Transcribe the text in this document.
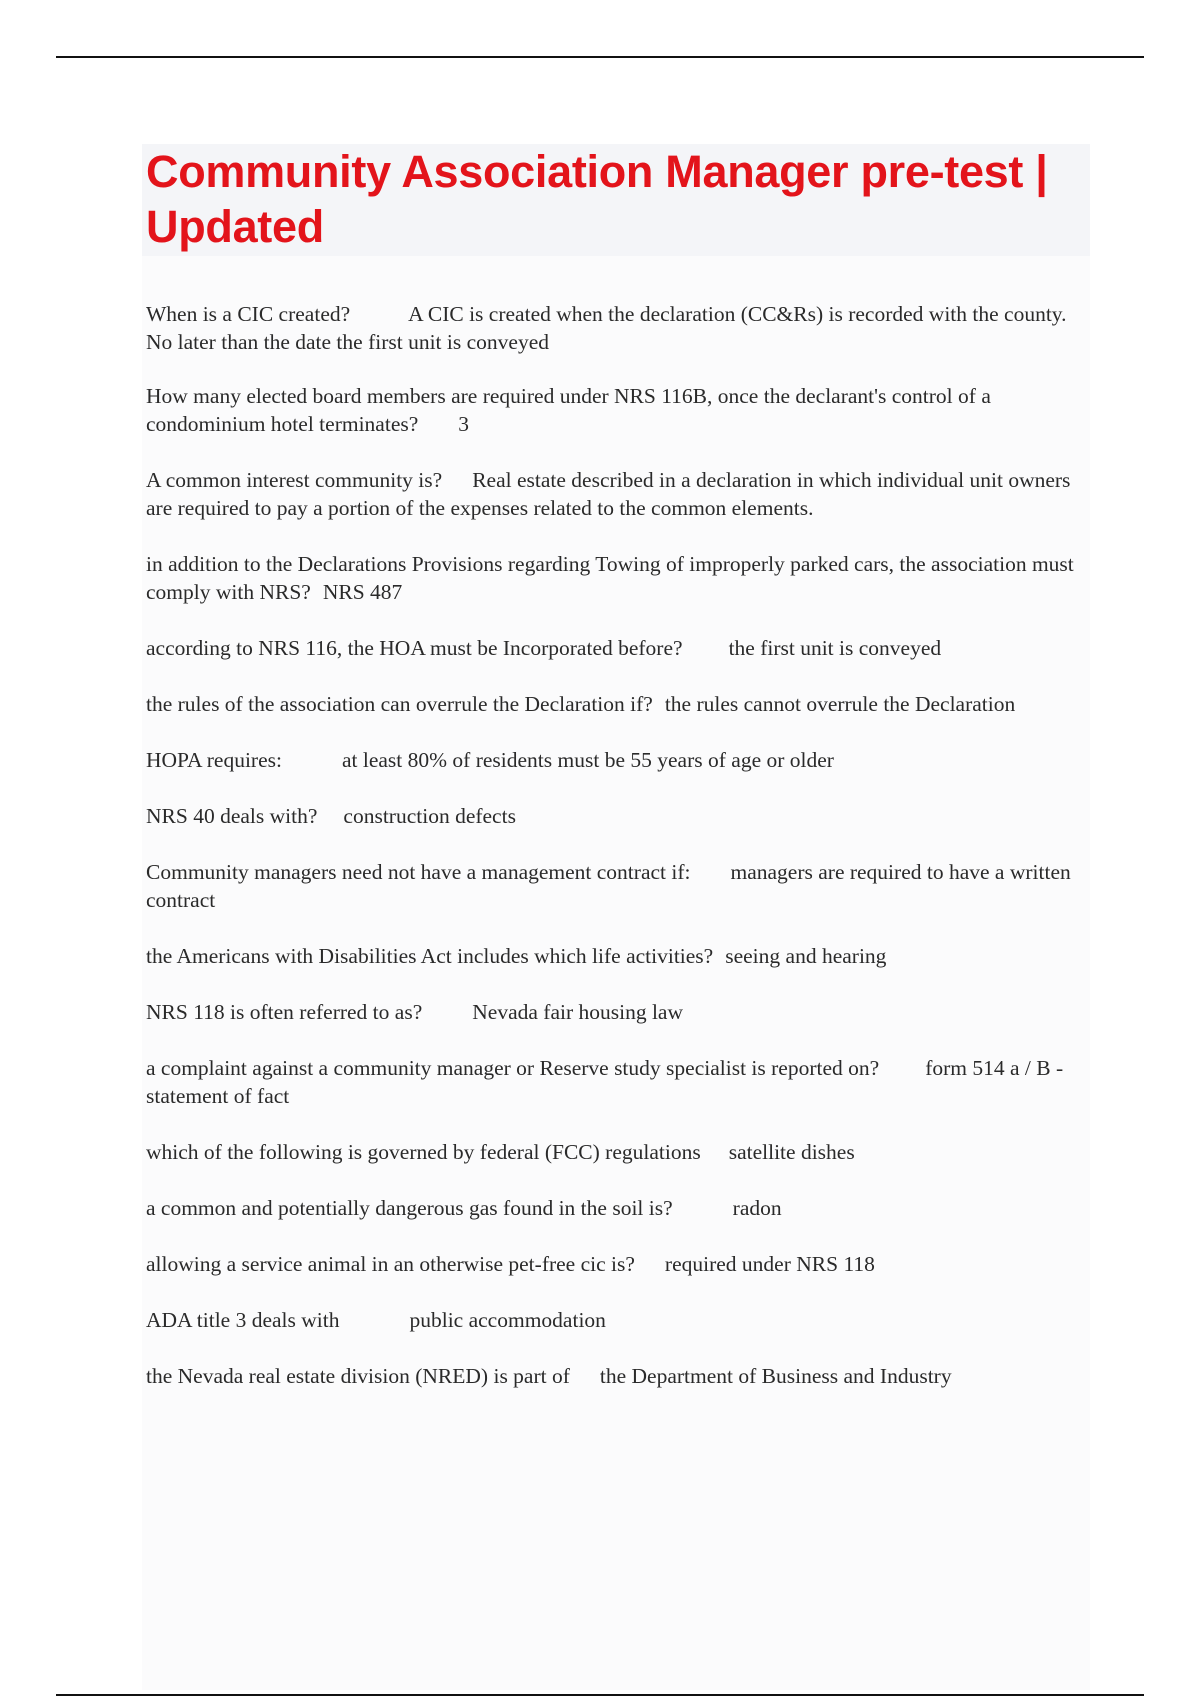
Community Association Manager pre-test | Updated
When is a CIC created?	A CIC is created when the declaration (CC&Rs) is recorded with the county. No later than the date the first unit is conveyed
How many elected board members are required under NRS 116B, once the declarant's control of a condominium hotel terminates? 3
A common interest community is? Real estate described in a declaration in which individual unit owners are required to pay a portion of the expenses related to the common elements.
in addition to the Declarations Provisions regarding Towing of improperly parked cars, the association must comply with NRS? NRS 487
according to NRS 116, the HOA must be Incorporated before? the first unit is conveyed
the rules of the association can overrule the Declaration if? the rules cannot overrule the Declaration
HOPA requires:	at least 80% of residents must be 55 years of age or older
NRS 40 deals with? construction defects
Community managers need not have a management contract if: managers are required to have a written contract
the Americans with Disabilities Act includes which life activities? seeing and hearing
NRS 118 is often referred to as? Nevada fair housing law
a complaint against a community manager or Reserve study specialist is reported on? form 514 a / B - statement of fact
which of the following is governed by federal (FCC) regulations satellite dishes
a common and potentially dangerous gas found in the soil is?	radon
allowing a service animal in an otherwise pet-free cic is? required under NRS 118
ADA title 3 deals with	public accommodation
the Nevada real estate division (NRED) is part of the Department of Business and Industry
